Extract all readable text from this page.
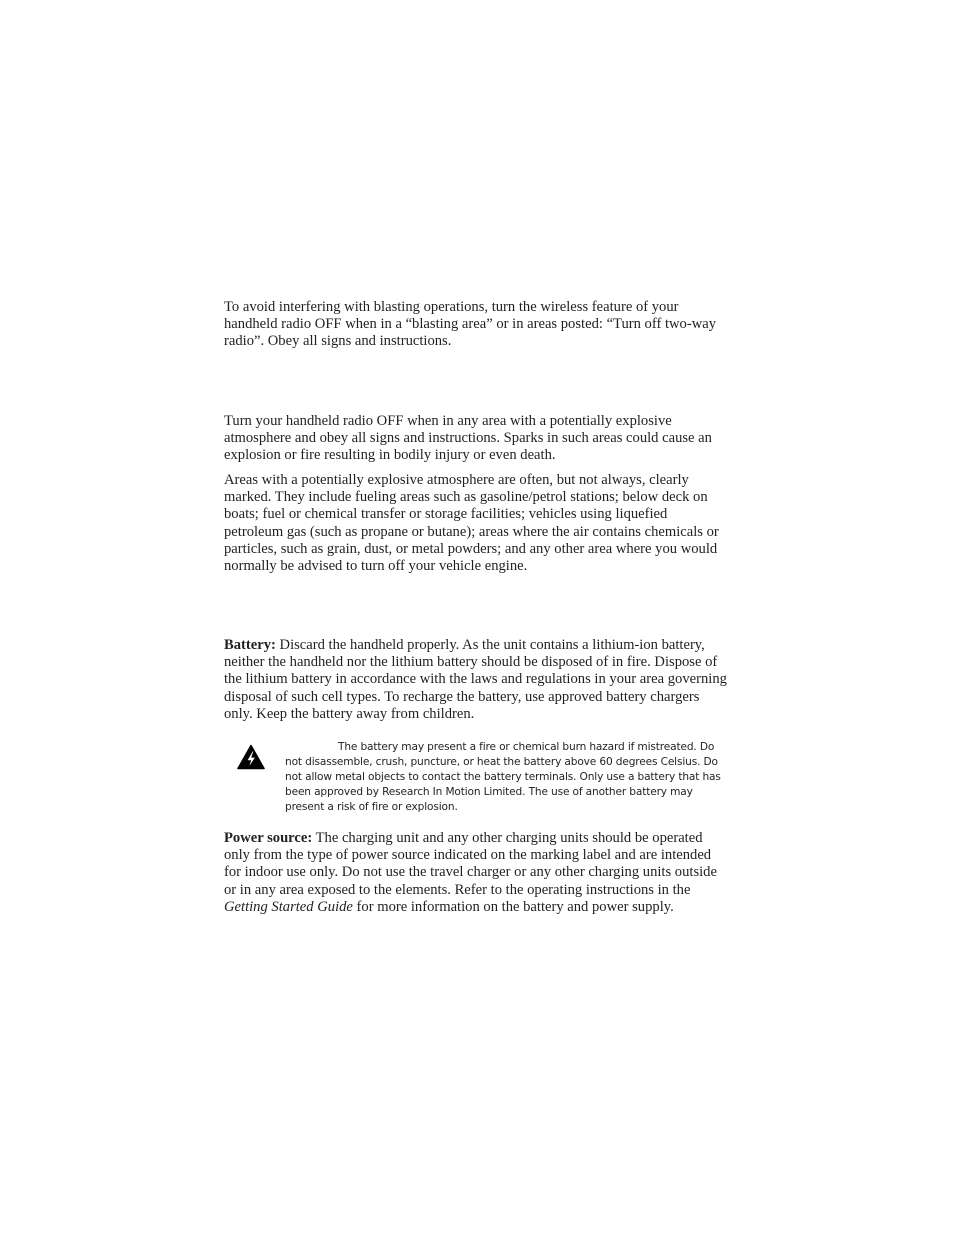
To avoid interfering with blasting operations, turn the wireless feature of your handheld radio OFF when in a “blasting area” or in areas posted: “Turn off two-way radio”. Obey all signs and instructions.

Turn your handheld radio OFF when in any area with a potentially explosive atmosphere and obey all signs and instructions. Sparks in such areas could cause an explosion or fire resulting in bodily injury or even death.

Areas with a potentially explosive atmosphere are often, but not always, clearly marked. They include fueling areas such as gasoline/petrol stations; below deck on boats; fuel or chemical transfer or storage facilities; vehicles using liquefied petroleum gas (such as propane or butane); areas where the air contains chemicals or particles, such as grain, dust, or metal powders; and any other area where you would normally be advised to turn off your vehicle engine.

Battery: Discard the handheld properly. As the unit contains a lithium-ion battery, neither the handheld nor the lithium battery should be disposed of in fire. Dispose of the lithium battery in accordance with the laws and regulations in your area governing disposal of such cell types. To recharge the battery, use approved battery chargers only. Keep the battery away from children.

The battery may present a fire or chemical burn hazard if mistreated. Do not disassemble, crush, puncture, or heat the battery above 60 degrees Celsius. Do not allow metal objects to contact the battery terminals. Only use a battery that has been approved by Research In Motion Limited. The use of another battery may present a risk of fire or explosion.

Power source: The charging unit and any other charging units should be operated only from the type of power source indicated on the marking label and are intended for indoor use only. Do not use the travel charger or any other charging units outside or in any area exposed to the elements. Refer to the operating instructions in the Getting Started Guide for more information on the battery and power supply.
